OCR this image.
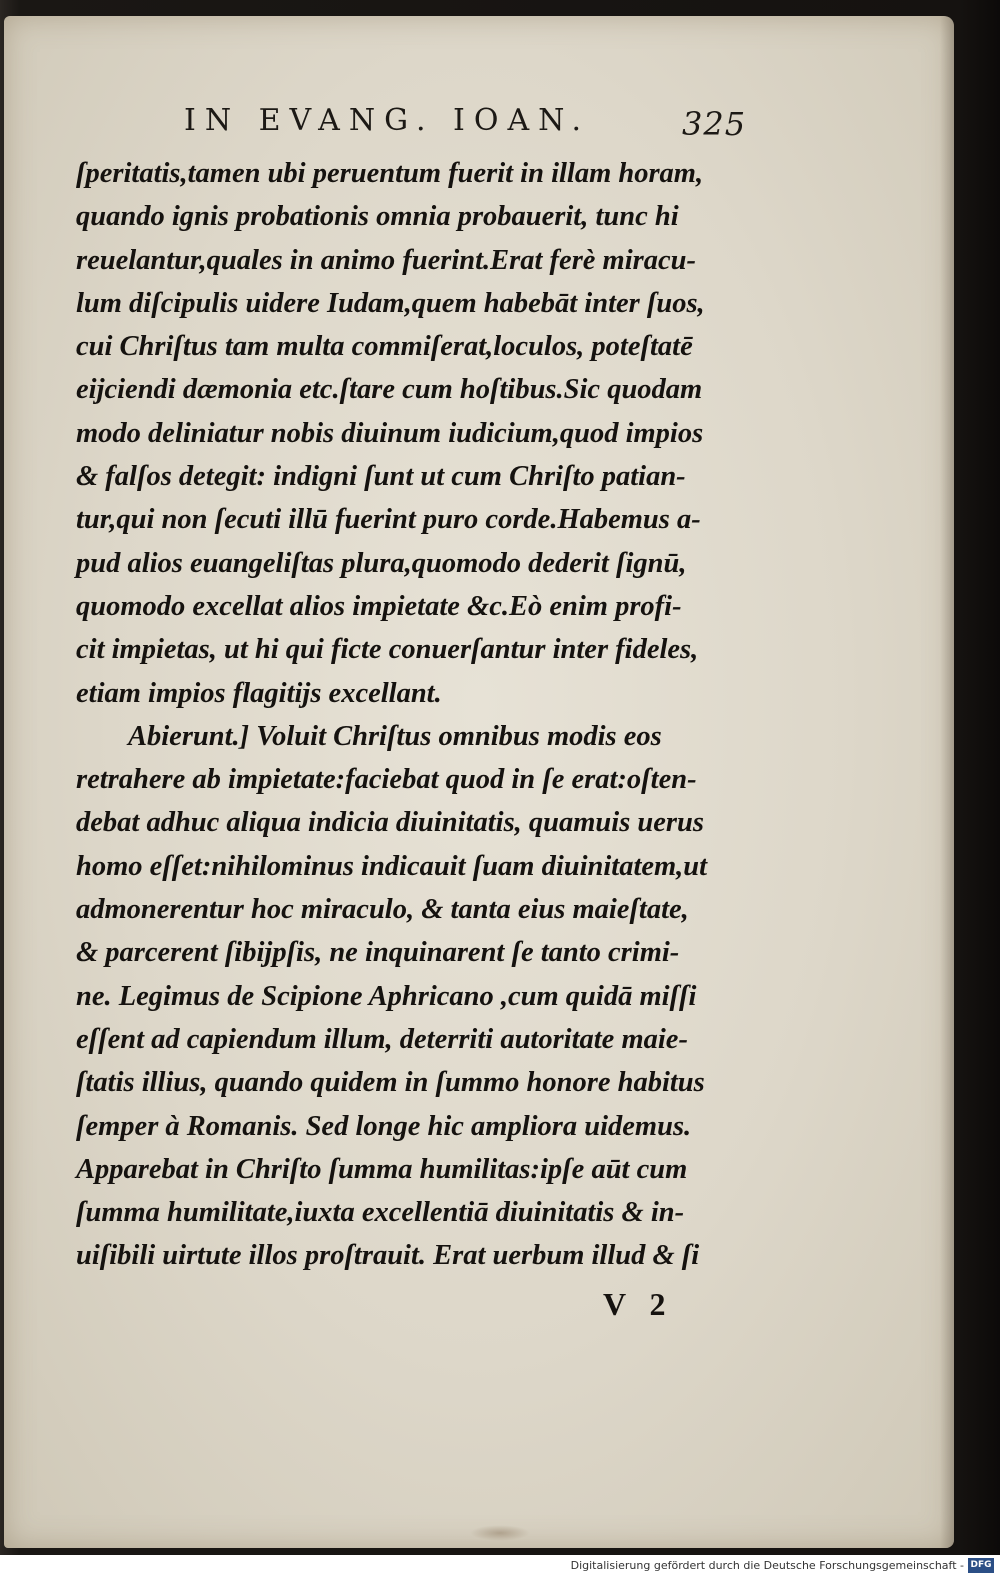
IN EVANG. IOAN.	325
ſperitatis,tamen ubi peruentum fuerit in illam horam,
quando ignis probationis omnia probauerit, tunc hi
reuelantur,quales in animo fuerint.Erat ferè miracu-
lum diſcipulis uidere Iudam,quem habebāt inter ſuos,
cui Chriſtus tam multa commiſerat,loculos, poteſtatē
eijciendi dæmonia etc.ſtare cum hoſtibus.Sic quodam
modo deliniatur nobis diuinum iudicium,quod impios
& falſos detegit: indigni ſunt ut cum Chriſto patian-
tur,qui non ſecuti illū fuerint puro corde.Habemus a-
pud alios euangeliſtas plura,quomodo dederit ſignū,
quomodo excellat alios impietate &c.Eò enim profi-
cit impietas, ut hi qui ficte conuerſantur inter fideles,
etiam impios flagitijs excellant.
Abierunt.] Voluit Chriſtus omnibus modis eos
retrahere ab impietate:faciebat quod in ſe erat:oſten-
debat adhuc aliqua indicia diuinitatis, quamuis uerus
homo eſſet:nihilominus indicauit ſuam diuinitatem,ut
admonerentur hoc miraculo, & tanta eius maieſtate,
& parcerent ſibijpſis, ne inquinarent ſe tanto crimi-
ne. Legimus de Scipione Aphricano ,cum quidā miſſi
eſſent ad capiendum illum, deterriti autoritate maie-
ſtatis illius, quando quidem in ſummo honore habitus
ſemper à Romanis. Sed longe hic ampliora uidemus.
Apparebat in Chriſto ſumma humilitas:ipſe aūt cum
ſumma humilitate,iuxta excellentiā diuinitatis & in-
uiſibili uirtute illos proſtrauit. Erat uerbum illud & ſi
V 2
Digitalisierung gefördert durch die Deutsche Forschungsgemeinschaft - DFG
